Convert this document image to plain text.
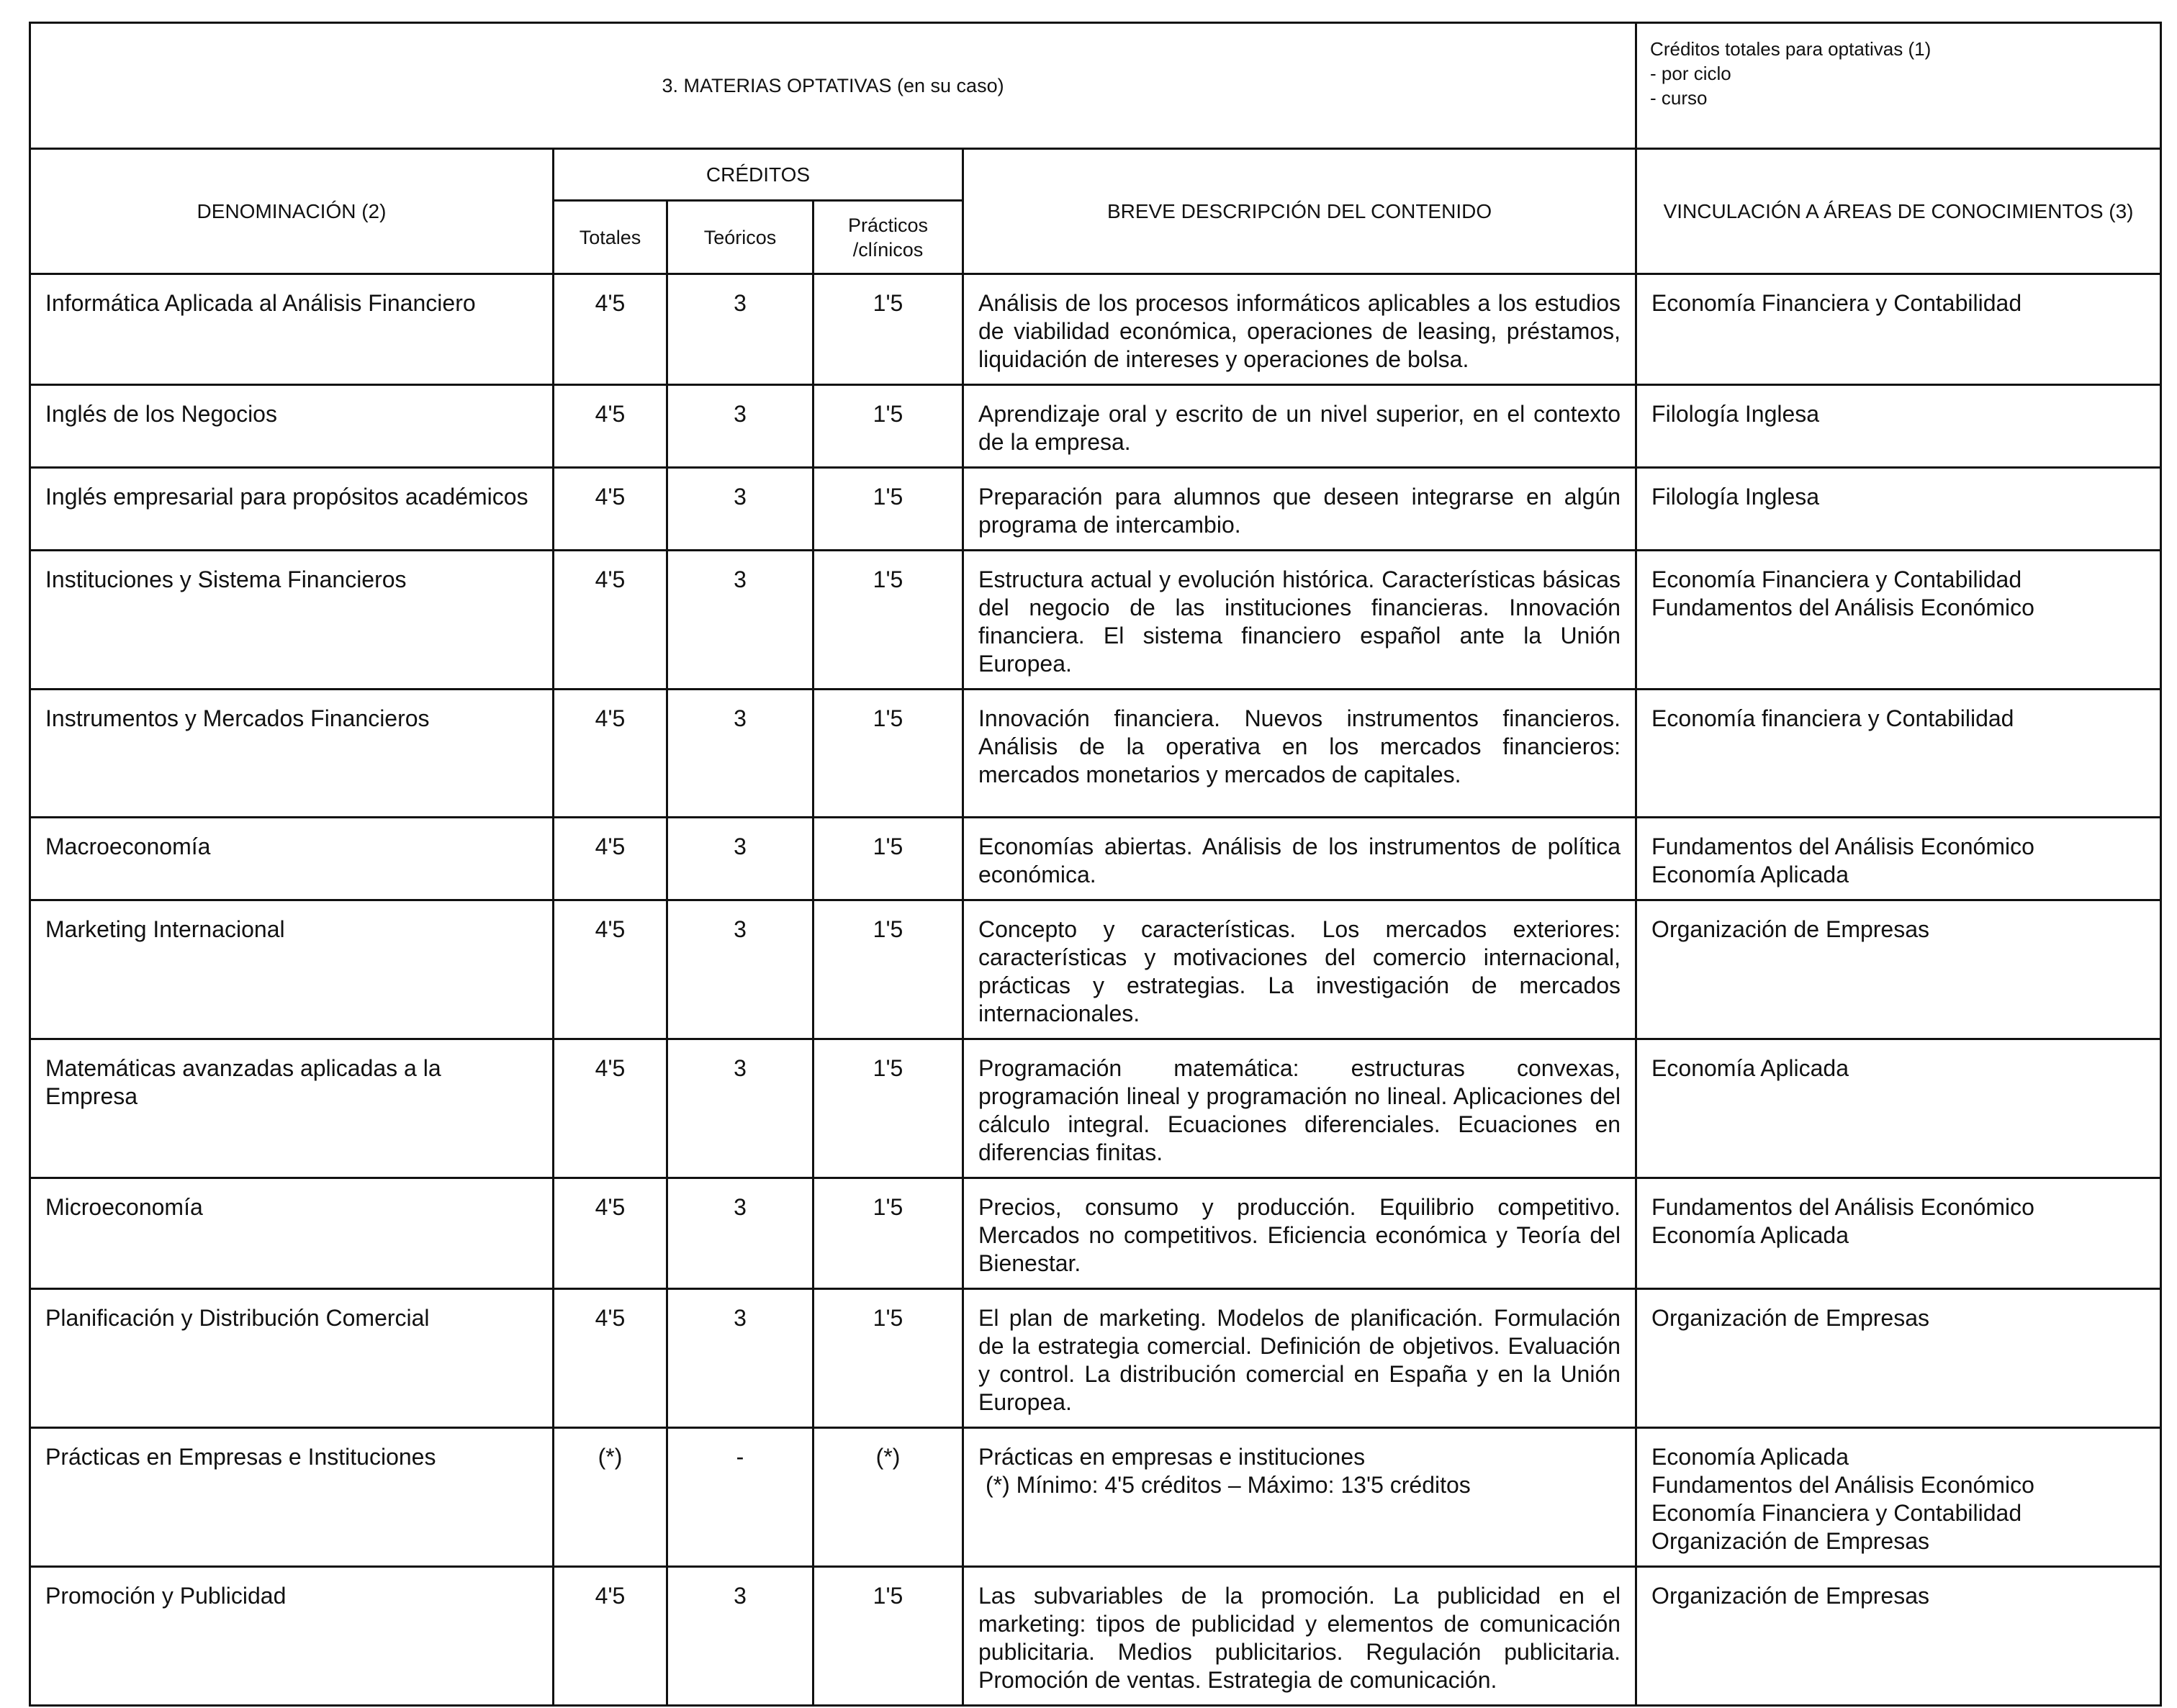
3. MATERIAS OPTATIVAS (en su caso)					Créditos totales para optativas (1)
- por ciclo
- curso

DENOMINACIÓN (2)	CRÉDITOS			BREVE DESCRIPCIÓN DEL CONTENIDO	VINCULACIÓN A ÁREAS DE CONOCIMIENTOS (3)
	Totales	Teóricos	Prácticos /clínicos		
Informática Aplicada al Análisis Financiero	4'5	3	1'5	Análisis de los procesos informáticos aplicables a los estudios de viabilidad económica, operaciones de leasing, préstamos, liquidación de intereses y operaciones de bolsa.	Economía Financiera y Contabilidad

Inglés de los Negocios	4'5	3	1'5	Aprendizaje oral y escrito de un nivel superior, en el contexto de la empresa.	Filología Inglesa

Inglés empresarial para propósitos académicos	4'5	3	1'5	Preparación para alumnos que deseen integrarse en algún programa de intercambio.	Filología Inglesa

Instituciones y Sistema Financieros	4'5	3	1'5	Estructura actual y evolución histórica. Características básicas del negocio de las instituciones financieras. Innovación financiera. El sistema financiero español ante la Unión Europea.	Economía Financiera y Contabilidad
Fundamentos del Análisis Económico

Instrumentos y Mercados Financieros	4'5	3	1'5	Innovación financiera. Nuevos instrumentos financieros. Análisis de la operativa en los mercados financieros: mercados monetarios y mercados de capitales.	Economía financiera y Contabilidad

Macroeconomía	4'5	3	1'5	Economías abiertas. Análisis de los instrumentos de política económica.	Fundamentos del Análisis Económico
Economía Aplicada

Marketing Internacional	4'5	3	1'5	Concepto y características. Los mercados exteriores: características y motivaciones del comercio internacional, prácticas y estrategias. La investigación de mercados internacionales.	Organización de Empresas

Matemáticas avanzadas aplicadas a la Empresa	4'5	3	1'5	Programación matemática: estructuras convexas, programación lineal y programación no lineal. Aplicaciones del cálculo integral. Ecuaciones diferenciales. Ecuaciones en diferencias finitas.	Economía Aplicada

Microeconomía	4'5	3	1'5	Precios, consumo y producción. Equilibrio competitivo. Mercados no competitivos. Eficiencia económica y Teoría del Bienestar.	Fundamentos del Análisis Económico
Economía Aplicada

Planificación y Distribución Comercial	4'5	3	1'5	El plan de marketing. Modelos de planificación. Formulación de la estrategia comercial. Definición de objetivos. Evaluación y control. La distribución comercial en España y en la Unión Europea.	Organización de Empresas

Prácticas en Empresas e Instituciones	(*)	-	(*)	Prácticas en empresas e instituciones
(*) Mínimo: 4'5 créditos – Máximo: 13'5 créditos	Economía Aplicada
Fundamentos del Análisis Económico
Economía Financiera y Contabilidad
Organización de Empresas

Promoción y Publicidad	4'5	3	1'5	Las subvariables de la promoción. La publicidad en el marketing: tipos de publicidad y elementos de comunicación publicitaria. Medios publicitarios. Regulación publicitaria. Promoción de ventas. Estrategia de comunicación.	Organización de Empresas
